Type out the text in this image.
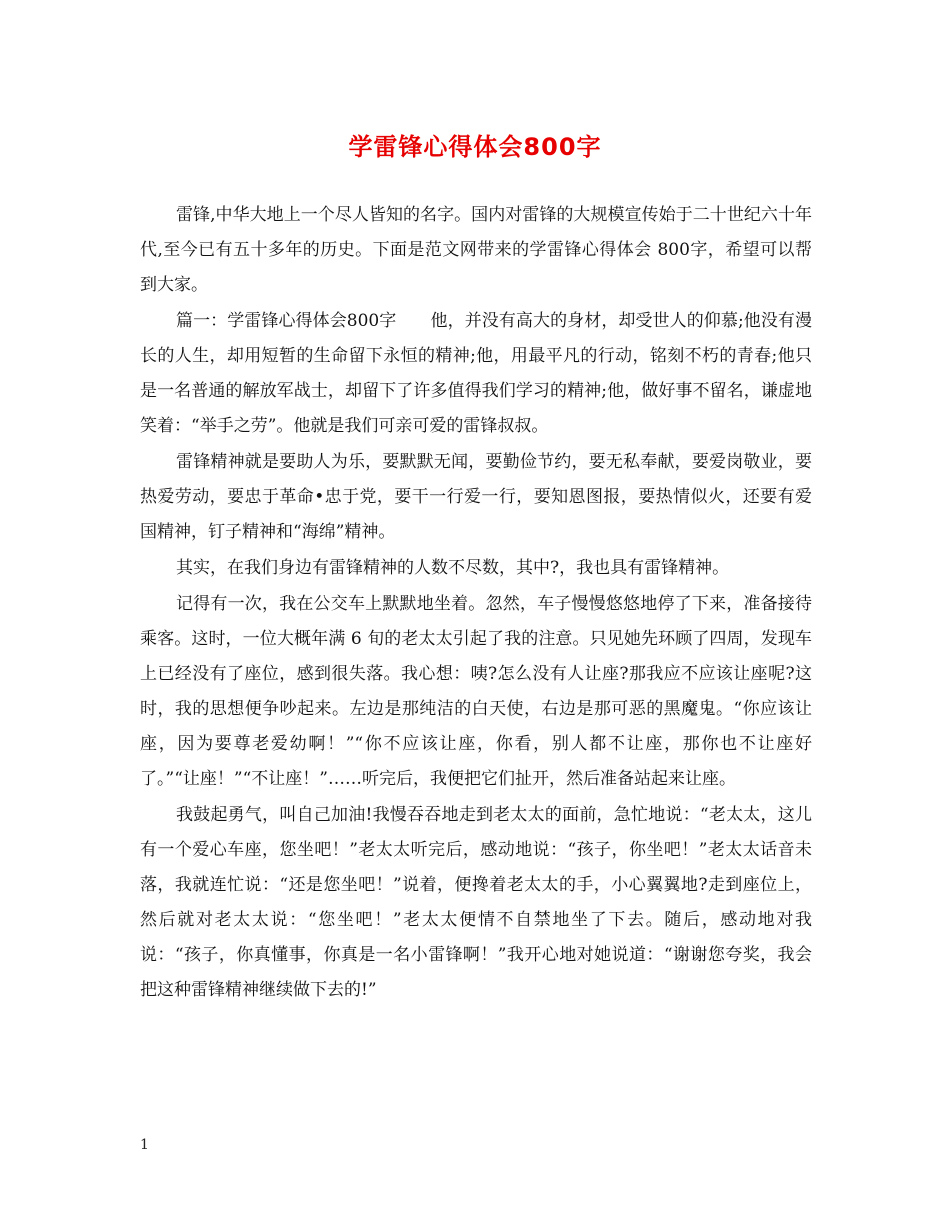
学雷锋心得体会800字

雷锋,中华大地上一个尽人皆知的名字。国内对雷锋的大规模宣传始于二十世纪六十年代,至今已有五十多年的历史。下面是范文网带来的学雷锋心得体会 800字，希望可以帮到大家。

篇一：学雷锋心得体会800字　　他，并没有高大的身材，却受世人的仰慕;他没有漫长的人生，却用短暂的生命留下永恒的精神;他，用最平凡的行动，铭刻不朽的青春;他只是一名普通的解放军战士，却留下了许多值得我们学习的精神;他，做好事不留名，谦虚地笑着：“举手之劳”。他就是我们可亲可爱的雷锋叔叔。

雷锋精神就是要助人为乐，要默默无闻，要勤俭节约，要无私奉献，要爱岗敬业，要热爱劳动，要忠于革命•忠于党，要干一行爱一行，要知恩图报，要热情似火，还要有爱国精神，钉子精神和“海绵”精神。

其实，在我们身边有雷锋精神的人数不尽数，其中?，我也具有雷锋精神。

记得有一次，我在公交车上默默地坐着。忽然，车子慢慢悠悠地停了下来，准备接待乘客。这时，一位大概年满 6 旬的老太太引起了我的注意。只见她先环顾了四周，发现车上已经没有了座位，感到很失落。我心想：咦?怎么没有人让座?那我应不应该让座呢?这时，我的思想便争吵起来。左边是那纯洁的白天使，右边是那可恶的黑魔鬼。“你应该让座，因为要尊老爱幼啊！”“你不应该让座，你看，别人都不让座，那你也不让座好了。”“让座！”“不让座！”……听完后，我便把它们扯开，然后准备站起来让座。

我鼓起勇气，叫自己加油!我慢吞吞地走到老太太的面前，急忙地说：“老太太，这儿有一个爱心车座，您坐吧！”老太太听完后，感动地说：“孩子，你坐吧！”老太太话音未落，我就连忙说：“还是您坐吧！”说着，便搀着老太太的手，小心翼翼地?走到座位上，然后就对老太太说：“您坐吧！”老太太便情不自禁地坐了下去。随后，感动地对我说：“孩子，你真懂事，你真是一名小雷锋啊！”我开心地对她说道：“谢谢您夸奖，我会把这种雷锋精神继续做下去的!”

1
